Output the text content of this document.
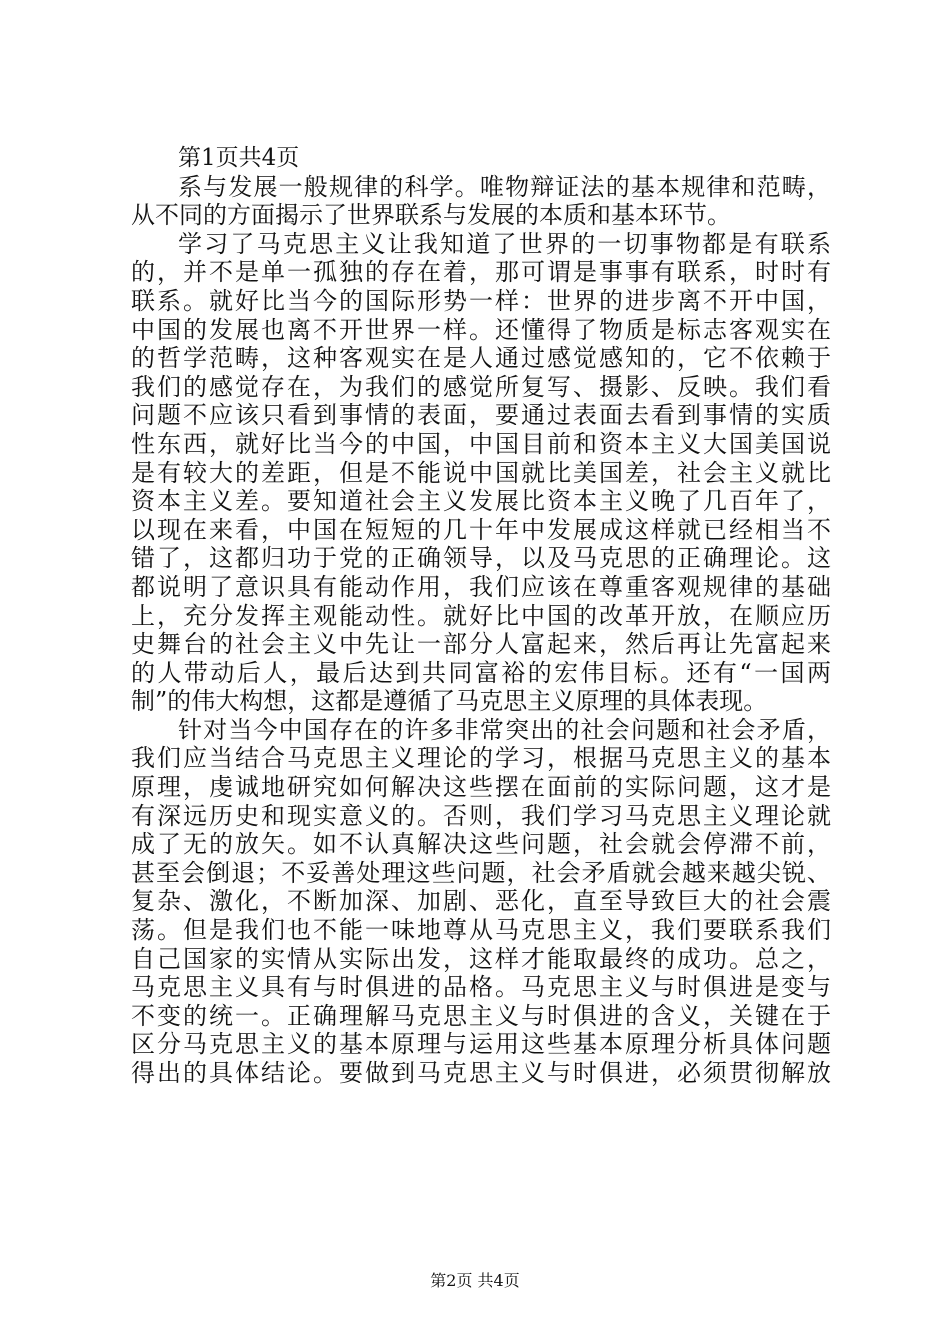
第1页共4页
系与发展一般规律的科学。唯物辩证法的基本规律和范畴，
从不同的方面揭示了世界联系与发展的本质和基本环节。
学习了马克思主义让我知道了世界的一切事物都是有联系
的，并不是单一孤独的存在着，那可谓是事事有联系，时时有
联系。就好比当今的国际形势一样：世界的进步离不开中国，
中国的发展也离不开世界一样。还懂得了物质是标志客观实在
的哲学范畴，这种客观实在是人通过感觉感知的，它不依赖于
我们的感觉存在，为我们的感觉所复写、摄影、反映。我们看
问题不应该只看到事情的表面，要通过表面去看到事情的实质
性东西，就好比当今的中国，中国目前和资本主义大国美国说
是有较大的差距，但是不能说中国就比美国差，社会主义就比
资本主义差。要知道社会主义发展比资本主义晚了几百年了，
以现在来看，中国在短短的几十年中发展成这样就已经相当不
错了，这都归功于党的正确领导，以及马克思的正确理论。这
都说明了意识具有能动作用，我们应该在尊重客观规律的基础
上，充分发挥主观能动性。就好比中国的改革开放，在顺应历
史舞台的社会主义中先让一部分人富起来，然后再让先富起来
的人带动后人，最后达到共同富裕的宏伟目标。还有“一国两
制”的伟大构想，这都是遵循了马克思主义原理的具体表现。
针对当今中国存在的许多非常突出的社会问题和社会矛盾，
我们应当结合马克思主义理论的学习，根据马克思主义的基本
原理，虔诚地研究如何解决这些摆在面前的实际问题，这才是
有深远历史和现实意义的。否则，我们学习马克思主义理论就
成了无的放矢。如不认真解决这些问题，社会就会停滞不前，
甚至会倒退；不妥善处理这些问题，社会矛盾就会越来越尖锐、
复杂、激化，不断加深、加剧、恶化，直至导致巨大的社会震
荡。但是我们也不能一味地尊从马克思主义，我们要联系我们
自己国家的实情从实际出发，这样才能取最终的成功。总之，
马克思主义具有与时俱进的品格。马克思主义与时俱进是变与
不变的统一。正确理解马克思主义与时俱进的含义，关键在于
区分马克思主义的基本原理与运用这些基本原理分析具体问题
得出的具体结论。要做到马克思主义与时俱进，必须贯彻解放
第2页 共4页
